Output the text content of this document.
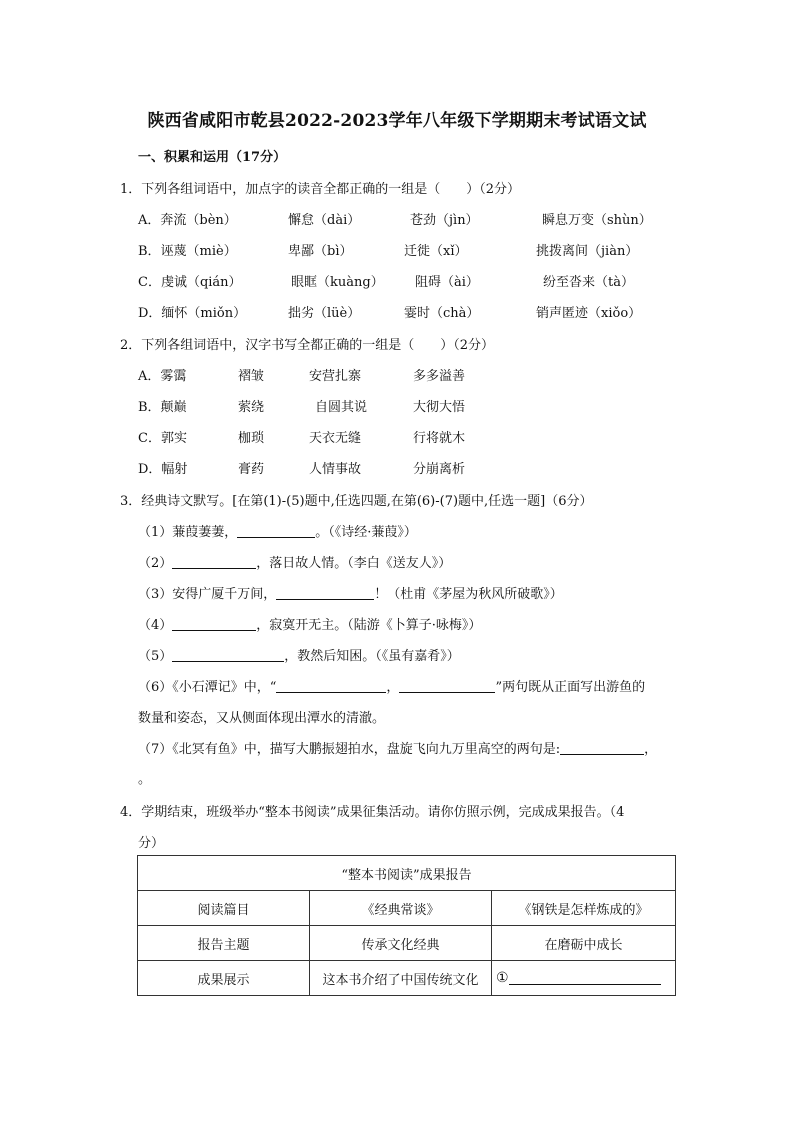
陕西省咸阳市乾县2022-2023学年八年级下学期期末考试语文试
一、积累和运用（17分）
1．下列各组词语中，加点字的读音全都正确的一组是（　　）（2分）
A．奔流（bèn）	懈怠（dài）	苍劲（jìn）	瞬息万变（shùn）
B．诬蔑（miè）	卑鄙（bì）	迁徙（xǐ）	挑拨离间（jiàn）
C．虔诚（qián）	眼眶（kuàng） 阻碍（ài）	纷至沓来（tà）
D．缅怀（miǒn）	拙劣（lüè）	霎时（chà）	销声匿迹（xiǒo）
2．下列各组词语中，汉字书写全都正确的一组是（　　）（2分）
A．雾霭	褶皱	安营扎寨	多多溢善
B．颠巅	萦绕	自圆其说	大彻大悟
C．郭实	枷琐	天衣无缝	行将就木
D．幅射	膏药	人情事故	分崩离析
3．经典诗文默写。[在第(1)-(5)题中,任选四题,在第(6)-(7)题中,任选一题]（6分）
（1）蒹葭萋萋，	。（《诗经·蒹葭》）
（2）	，落日故人情。（李白《送友人》）
（3）安得广厦千万间，	！（杜甫《茅屋为秋风所破歌》）
（4）	，寂寞开无主。（陆游《卜算子·咏梅》）
（5）	，教然后知困。（《虽有嘉肴》）
（6）《小石潭记》中，“	，	”两句既从正面写出游鱼的
数量和姿态，又从侧面体现出潭水的清澈。
（7）《北冥有鱼》中，描写大鹏振翅拍水，盘旋飞向九万里高空的两句是:	，
。
4．学期结束，班级举办“整本书阅读”成果征集活动。请你仿照示例，完成成果报告。（4
分）
“整本书阅读”成果报告		
阅读篇目	《经典常谈》	《钢铁是怎样炼成的》
报告主题	传承文化经典	在磨砺中成长
成果展示	这本书介绍了中国传统文化	①
